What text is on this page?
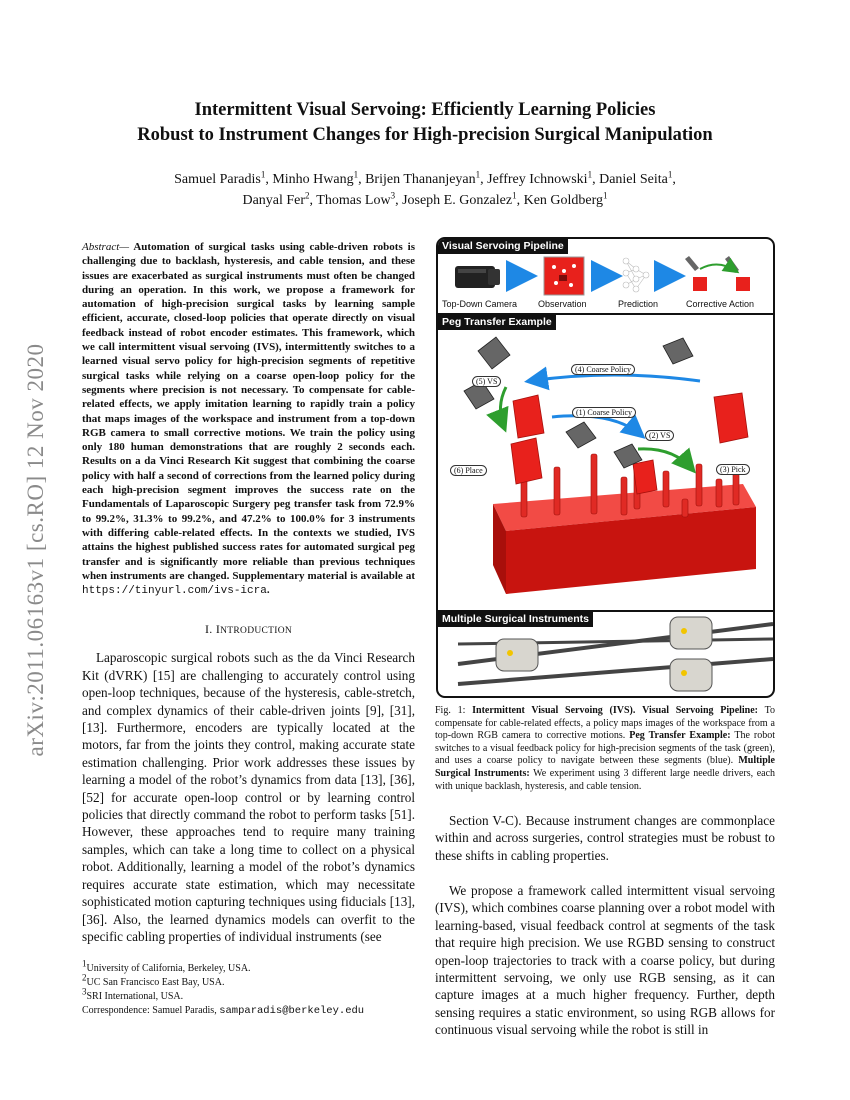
arXiv:2011.06163v1 [cs.RO] 12 Nov 2020
Intermittent Visual Servoing: Efficiently Learning Policies
Robust to Instrument Changes for High-precision Surgical Manipulation
Samuel Paradis$^1$, Minho Hwang$^1$, Brijen Thananjeyan$^1$, Jeffrey Ichnowski$^1$, Daniel Seita$^1$,
Danyal Fer$^2$, Thomas Low$^3$, Joseph E. Gonzalez$^1$, Ken Goldberg$^1$
Abstract— Automation of surgical tasks using cable-driven robots is challenging due to backlash, hysteresis, and cable tension, and these issues are exacerbated as surgical instruments must often be changed during an operation. In this work, we propose a framework for automation of high-precision surgical tasks by learning sample efficient, accurate, closed-loop policies that operate directly on visual feedback instead of robot encoder estimates. This framework, which we call intermittent visual servoing (IVS), intermittently switches to a learned visual servo policy for high-precision segments of repetitive surgical tasks while relying on a coarse open-loop policy for the segments where precision is not necessary. To compensate for cable-related effects, we apply imitation learning to rapidly train a policy that maps images of the workspace and instrument from a top-down RGB camera to small corrective motions. We train the policy using only 180 human demonstrations that are roughly 2 seconds each. Results on a da Vinci Research Kit suggest that combining the coarse policy with half a second of corrections from the learned policy during each high-precision segment improves the success rate on the Fundamentals of Laparoscopic Surgery peg transfer task from 72.9% to 99.2%, 31.3% to 99.2%, and 47.2% to 100.0% for 3 instruments with differing cable-related effects. In the contexts we studied, IVS attains the highest published success rates for automated surgical peg transfer and is significantly more reliable than previous techniques when instruments are changed. Supplementary material is available at https://tinyurl.com/ivs-icra.
I. INTRODUCTION

Laparoscopic surgical robots such as the da Vinci Research Kit (dVRK) [15] are challenging to accurately control using open-loop techniques, because of the hysteresis, cable-stretch, and complex dynamics of their cable-driven joints [9], [31], [13]. Furthermore, encoders are typically located at the motors, far from the joints they control, making accurate state estimation challenging. Prior work addresses these issues by learning a model of the robot’s dynamics from data [13], [36], [52] for accurate open-loop control or by learning control policies that directly command the robot to perform tasks [51]. However, these approaches tend to require many training samples, which can take a long time to collect on a physical robot. Additionally, learning a model of the robot’s dynamics requires accurate state estimation, which may necessitate sophisticated motion capturing techniques using fiducials [13], [36]. Also, the learned dynamics models can overfit to the specific cabling properties of individual instruments (see

$^1$University of California, Berkeley, USA.
$^2$UC San Francisco East Bay, USA.
$^3$SRI International, USA.
Correspondence: Samuel Paradis, samparadis@berkeley.edu
Visual Servoing Pipeline
Peg Transfer Example
Multiple Surgical Instruments
Top-Down Camera Observation	Prediction	Corrective Action
(1) Coarse Policy
(2) VS
(3) Pick
(4) Coarse Policy
(5) VS
(6) Place
Fig. 1: Intermittent Visual Servoing (IVS). Visual Servoing Pipeline: To compensate for cable-related effects, a policy maps images of the workspace from a top-down RGB camera to corrective motions. Peg Transfer Example: The robot switches to a visual feedback policy for high-precision segments of the task (green), and uses a coarse policy to navigate between these segments (blue). Multiple Surgical Instruments: We experiment using 3 different large needle drivers, each with unique backlash, hysteresis, and cable tension.

Section V-C). Because instrument changes are commonplace within and across surgeries, control strategies must be robust to these shifts in cabling properties.

We propose a framework called intermittent visual servoing (IVS), which combines coarse planning over a robot model with learning-based, visual feedback control at segments of the task that require high precision. We use RGBD sensing to construct open-loop trajectories to track with a coarse policy, but during intermittent servoing, we only use RGB sensing, as it can capture images at a much higher frequency. Further, depth sensing requires a static environment, so using RGB allows for continuous visual servoing while the robot is still in
